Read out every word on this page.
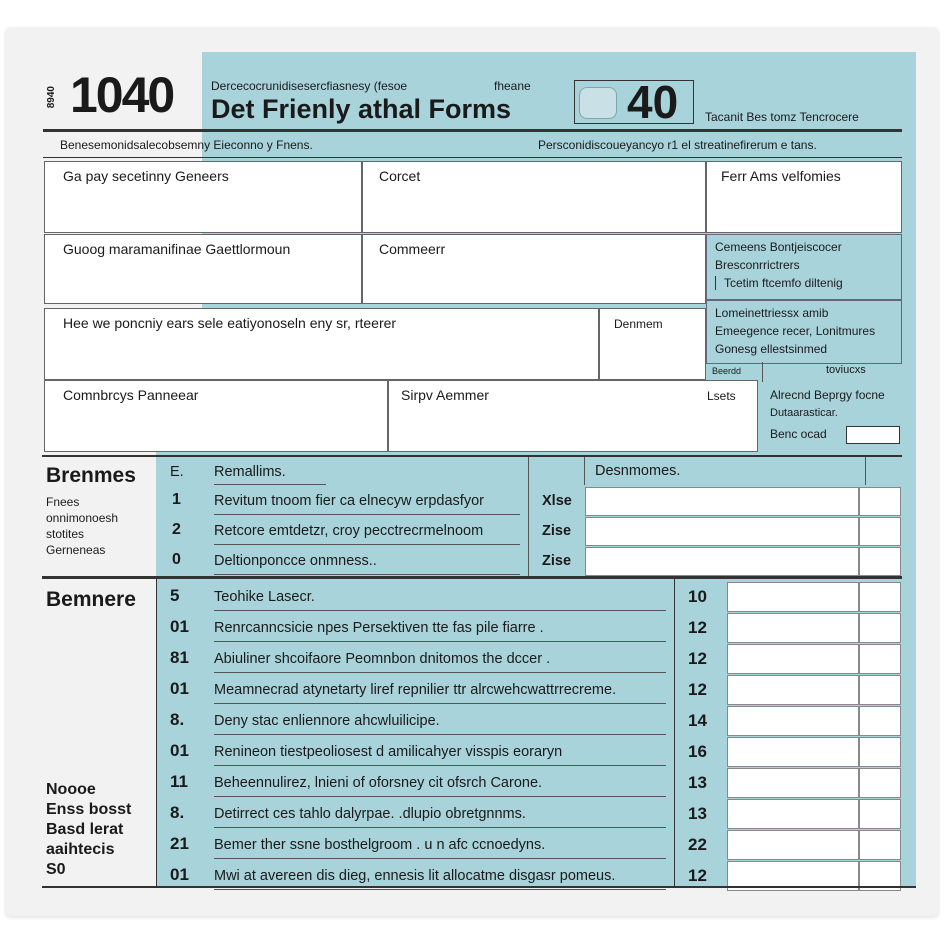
8940 1040	Dercecocrunidisesercfiasnesy (fesoe	fheane
Det Frienly athal Forms	40 Tacanit Bes tomz Tencrocere
Benesemonidsalecobsemny Eieconno y Fnens.	Persconidiscoueyancyo r1 el streatinefirerum e tans.
Ga pay secetinny Geneers	Corcet	Ferr Ams velfomies
Guoog maramanifinae Gaettlormoun	Commeerr	Cemeens Bontjeiscocer
Bresconrrictrers
Tcetim ftcemfo diltenig
Hee we poncniy ears sele eatiyonoseln eny sr, rteerer	Denmem
Lomeinettriessx amib
Emeegence recer, Lonitmures
Gonesg ellestsinmed
Comnbrcys Panneear	Sirpv Aemmer	Lsets
Beerdd	toviucxs
Alrecnd Beprgy focne
Dutaarasticar.
Benc ocad
Brenmes
Fnees
onnimonoesh
stotites
Gerneneas
E. Remallims.	Desnmomes.
1 Revitum tnoom fier ca elnecyw erpdasfyor	Xlse
2 Retcore emtdetzr, croy pecctrecrmelnoom	Zise
0 Deltionponcce onmness..	Zise
Bemnere
Noooe
Enss bosst
Basd lerat
aaihtecis
S0
5 Teohike Lasecr.	10
01 Renrcanncsicie npes Persektiven tte fas pile fiarre .	12
81 Abiuliner shcoifaore Peomnbon dnitomos the dccer .	12
01 Meamnecrad atynetarty liref repnilier ttr alrcwehcwattrrecreme.	12
8. Deny stac enliennore ahcwluilicipe.	14
01 Renineon tiestpeoliosest d amilicahyer visspis eoraryn	16
11 Beheennulirez, lnieni of oforsney cit ofsrch Carone.	13
8. Detirrect ces tahlo dalyrpae. .dlupio obretgnnms.	13
21 Bemer ther ssne bosthelgroom . u n afc ccnoedyns.	22
01 Mwi at avereen dis dieg, ennesis lit allocatme disgasr pomeus.	12
